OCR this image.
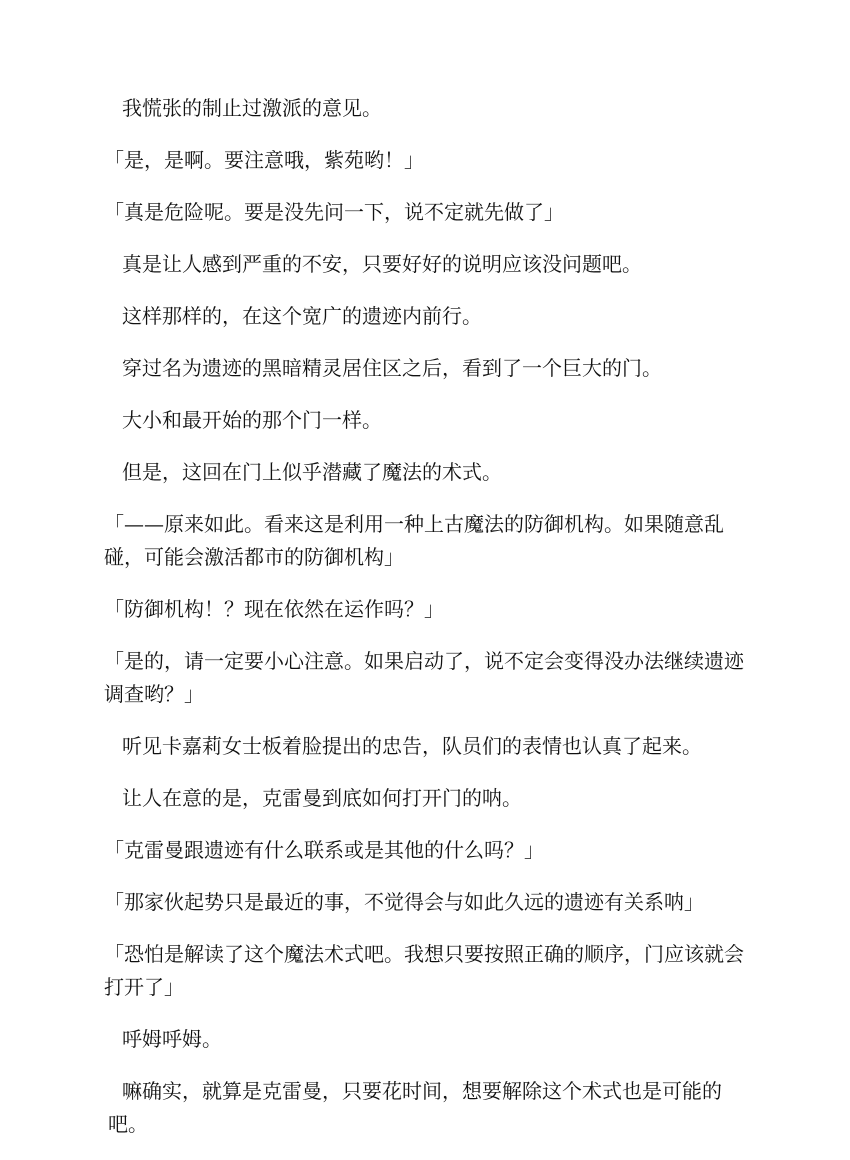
我慌张的制止过激派的意见。

「是，是啊。要注意哦，紫苑哟！」

「真是危险呢。要是没先问一下，说不定就先做了」

真是让人感到严重的不安，只要好好的说明应该没问题吧。

这样那样的，在这个宽广的遗迹内前行。

穿过名为遗迹的黑暗精灵居住区之后，看到了一个巨大的门。

大小和最开始的那个门一样。

但是，这回在门上似乎潜藏了魔法的术式。

「——原来如此。看来这是利用一种上古魔法的防御机构。如果随意乱碰，可能会激活都市的防御机构」

「防御机构！？现在依然在运作吗？」

「是的，请一定要小心注意。如果启动了，说不定会变得没办法继续遗迹调查哟？」

听见卡嘉莉女士板着脸提出的忠告，队员们的表情也认真了起来。

让人在意的是，克雷曼到底如何打开门的呐。

「克雷曼跟遗迹有什么联系或是其他的什么吗？」

「那家伙起势只是最近的事，不觉得会与如此久远的遗迹有关系呐」

「恐怕是解读了这个魔法术式吧。我想只要按照正确的顺序，门应该就会打开了」

呼姆呼姆。

嘛确实，就算是克雷曼，只要花时间，想要解除这个术式也是可能的吧。
